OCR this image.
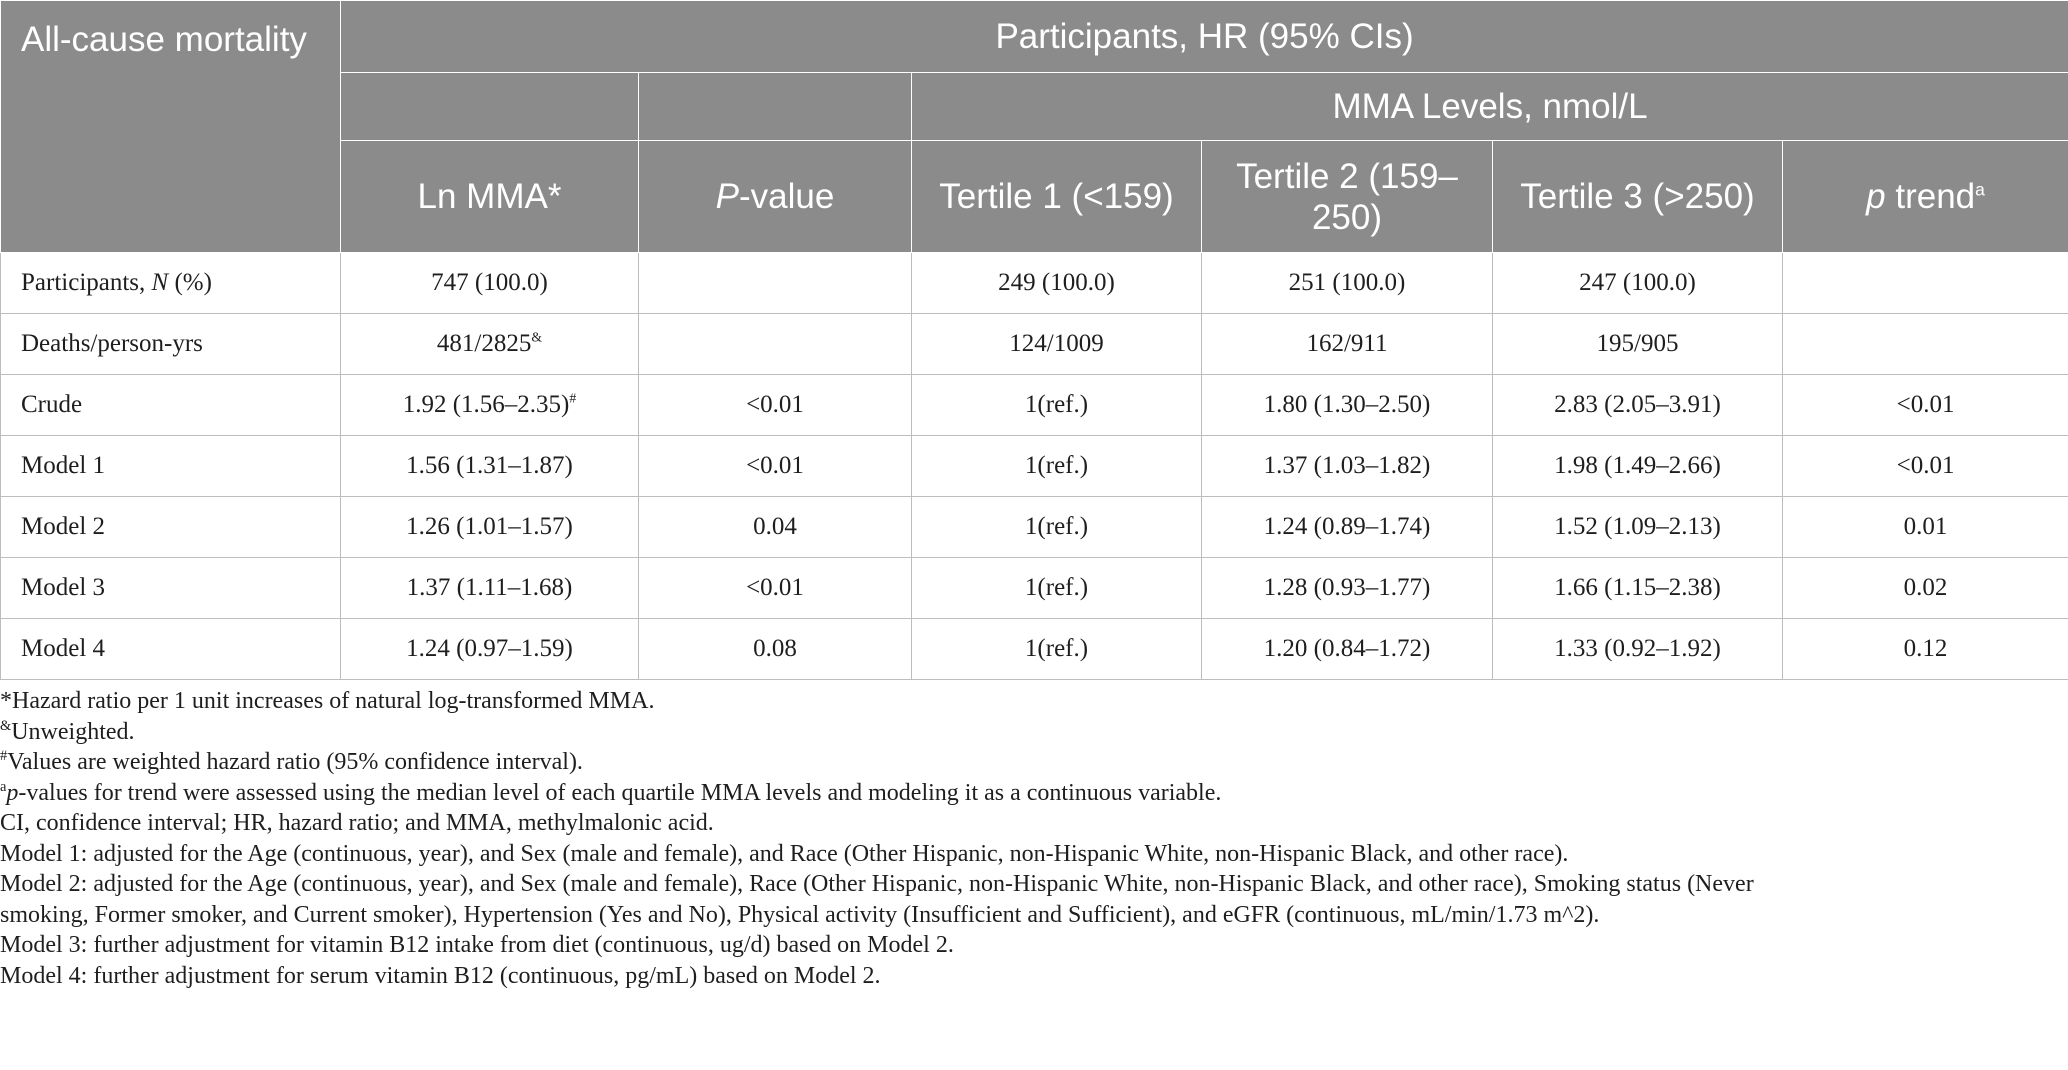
All-cause mortality	Participants, HR (95% CIs)					
			MMA Levels, nmol/L			
	Ln MMA*	P-value	Tertile 1 (<159)	Tertile 2 (159–250)	Tertile 3 (>250)	p trend$^a$
Participants, N (%)	747 (100.0)		249 (100.0)	251 (100.0)	247 (100.0)	
Deaths/person-yrs	481/2825&		124/1009	162/911	195/905	
Crude	1.92 (1.56–2.35)#	<0.01	1(ref.)	1.80 (1.30–2.50)	2.83 (2.05–3.91)	<0.01
Model 1	1.56 (1.31–1.87)	<0.01	1(ref.)	1.37 (1.03–1.82)	1.98 (1.49–2.66)	<0.01
Model 2	1.26 (1.01–1.57)	0.04	1(ref.)	1.24 (0.89–1.74)	1.52 (1.09–2.13)	0.01
Model 3	1.37 (1.11–1.68)	<0.01	1(ref.)	1.28 (0.93–1.77)	1.66 (1.15–2.38)	0.02
Model 4	1.24 (0.97–1.59)	0.08	1(ref.)	1.20 (0.84–1.72)	1.33 (0.92–1.92)	0.12

*Hazard ratio per 1 unit increases of natural log-transformed MMA.

&Unweighted.

#Values are weighted hazard ratio (95% confidence interval).

$^a$p-values for trend were assessed using the median level of each quartile MMA levels and modeling it as a continuous variable.

CI, confidence interval; HR, hazard ratio; and MMA, methylmalonic acid.

Model 1: adjusted for the Age (continuous, year), and Sex (male and female), and Race (Other Hispanic, non-Hispanic White, non-Hispanic Black, and other race).

Model 2: adjusted for the Age (continuous, year), and Sex (male and female), Race (Other Hispanic, non-Hispanic White, non-Hispanic Black, and other race), Smoking status (Never

smoking, Former smoker, and Current smoker), Hypertension (Yes and No), Physical activity (Insufficient and Sufficient), and eGFR (continuous, mL/min/1.73 m^2).

Model 3: further adjustment for vitamin B12 intake from diet (continuous, ug/d) based on Model 2.

Model 4: further adjustment for serum vitamin B12 (continuous, pg/mL) based on Model 2.
